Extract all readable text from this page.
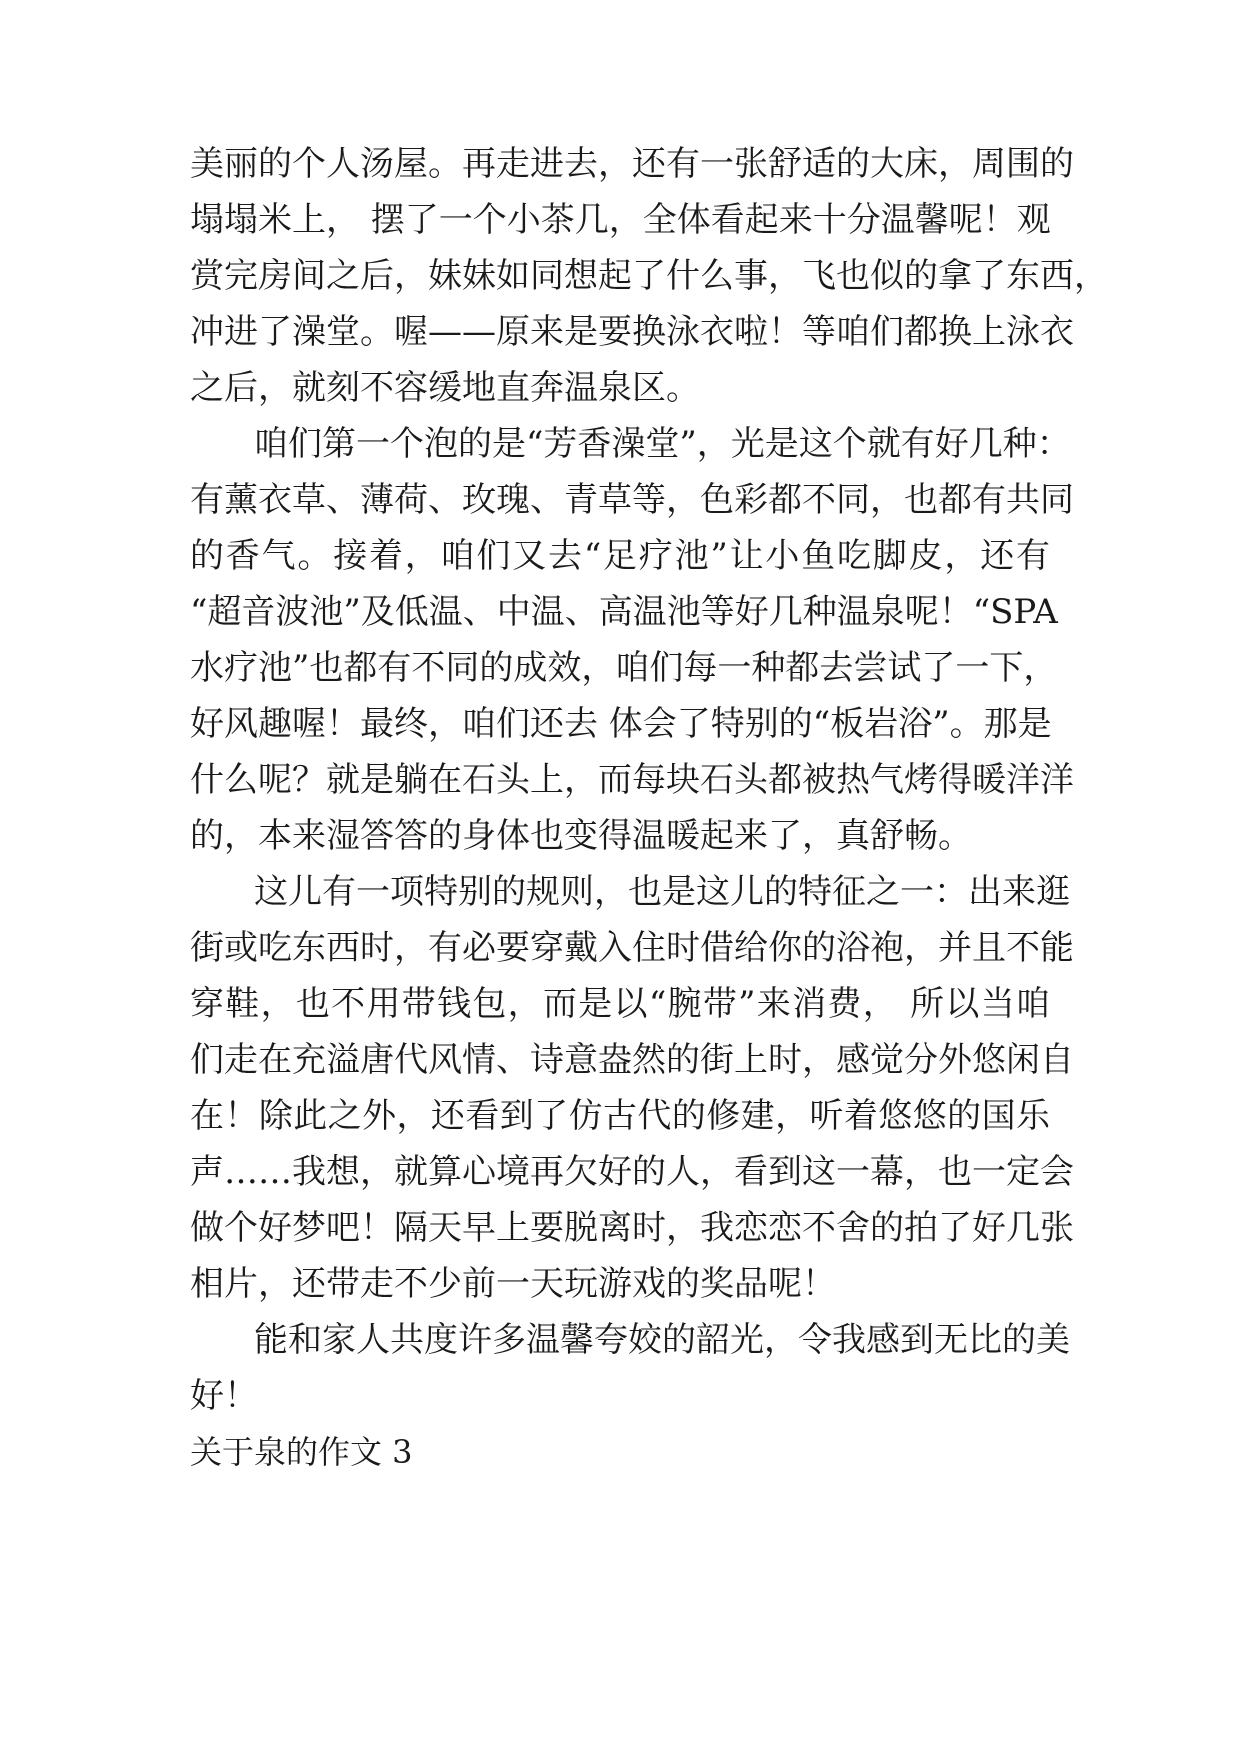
美丽的个人汤屋。再走进去，还有一张舒适的大床，周围的
塌塌米上， 摆了一个小茶几，全体看起来十分温馨呢！观
赏完房间之后，妹妹如同想起了什么事，飞也似的拿了东西，
冲进了澡堂。喔——原来是要换泳衣啦！等咱们都换上泳衣
之后，就刻不容缓地直奔温泉区。
咱们第一个泡的是“芳香澡堂”，光是这个就有好几种：
有薰衣草、薄荷、玫瑰、青草等，色彩都不同，也都有共同
的香气。接着，咱们又去“足疗池”让小鱼吃脚皮，还有
“超音波池”及低温、中温、高温池等好几种温泉呢！“SPA
水疗池”也都有不同的成效，咱们每一种都去尝试了一下，
好风趣喔！最终，咱们还去 体会了特别的“板岩浴”。那是
什么呢？就是躺在石头上，而每块石头都被热气烤得暖洋洋
的，本来湿答答的身体也变得温暖起来了，真舒畅。
这儿有一项特别的规则，也是这儿的特征之一：出来逛
街或吃东西时，有必要穿戴入住时借给你的浴袍，并且不能
穿鞋，也不用带钱包，而是以“腕带”来消费， 所以当咱
们走在充溢唐代风情、诗意盎然的街上时，感觉分外悠闲自
在！除此之外，还看到了仿古代的修建，听着悠悠的国乐
声……我想，就算心境再欠好的人，看到这一幕，也一定会
做个好梦吧！隔天早上要脱离时，我恋恋不舍的拍了好几张
相片，还带走不少前一天玩游戏的奖品呢！
能和家人共度许多温馨夸姣的韶光，令我感到无比的美
好！
关于泉的作文 3
